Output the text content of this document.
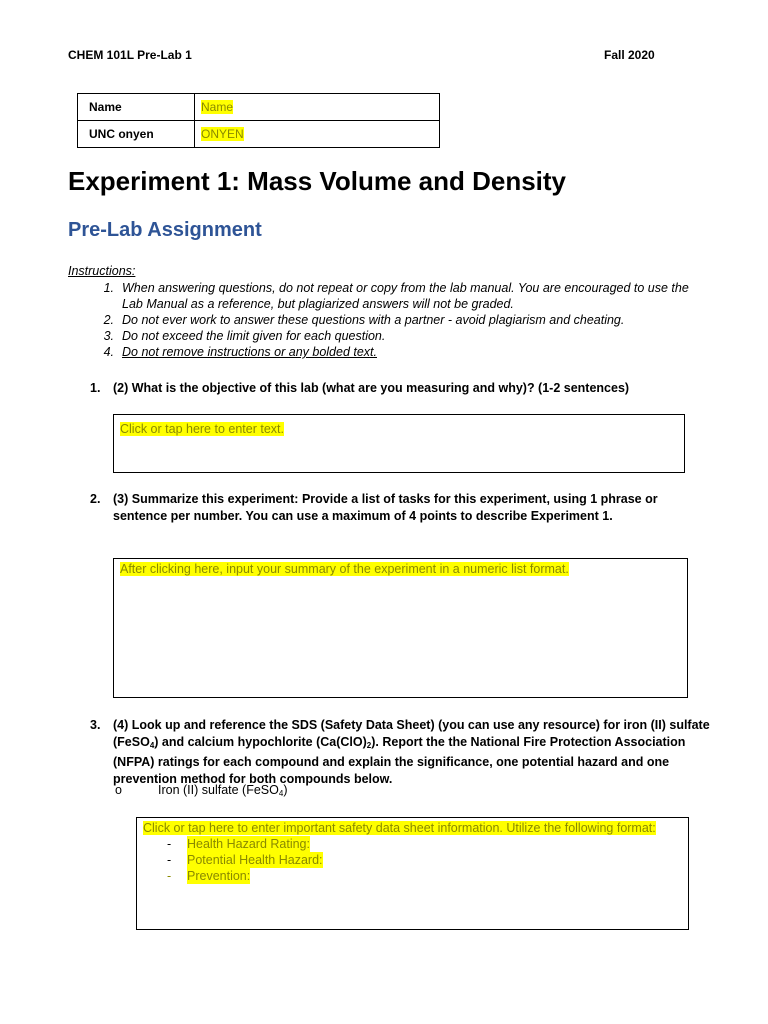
CHEM 101L Pre-Lab 1	Fall 2020
Name	Name
UNC onyen	ONYEN
Experiment 1: Mass Volume and Density
Pre-Lab Assignment
Instructions:
1. When answering questions, do not repeat or copy from the lab manual. You are encouraged to use the Lab Manual as a reference, but plagiarized answers will not be graded.
2. Do not ever work to answer these questions with a partner - avoid plagiarism and cheating.
3. Do not exceed the limit given for each question.
4. Do not remove instructions or any bolded text.
1.	(2) What is the objective of this lab (what are you measuring and why)? (1-2 sentences)
Click or tap here to enter text.
2.	(3) Summarize this experiment: Provide a list of tasks for this experiment, using 1 phrase or sentence per number. You can use a maximum of 4 points to describe Experiment 1.
After clicking here, input your summary of the experiment in a numeric list format.
3.	(4) Look up and reference the SDS (Safety Data Sheet) (you can use any resource) for iron (II) sulfate (FeSO$_4$) and calcium hypochlorite $(Ca(ClO)_2)$. Report the the National Fire Protection Association (NFPA) ratings for each compound and explain the significance, one potential hazard and one prevention method for both compounds below.
o	Iron (II) sulfate (FeSO$_4$)
Click or tap here to enter important safety data sheet information. Utilize the following format:
-	Health Hazard Rating:
-	Potential Health Hazard:
-	Prevention:
